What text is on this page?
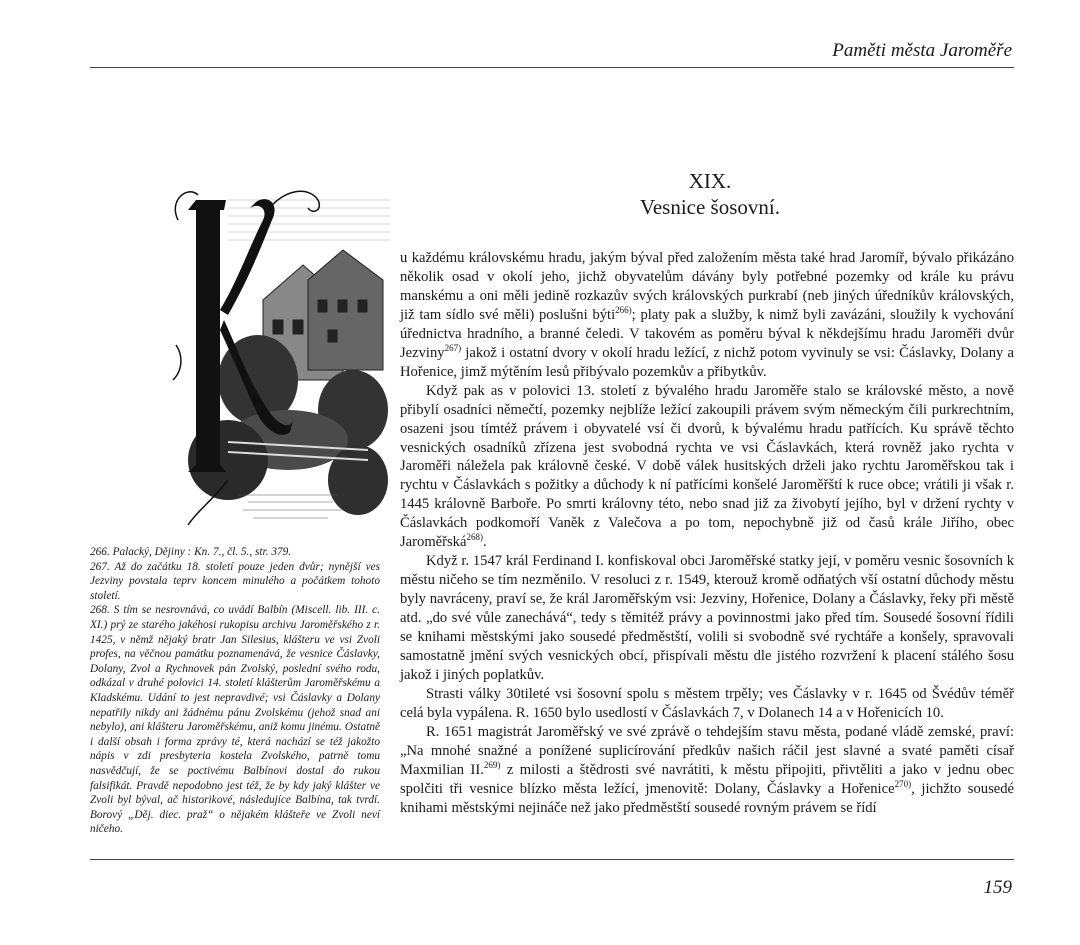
Paměti města Jaroměře

266. Palacký, Dějiny : Kn. 7., čl. 5., str. 379.

267. Až do začátku 18. století pouze jeden dvůr; nynější ves Jezviny povstala teprv koncem minulého a počátkem tohoto století.

268. S tím se nesrovnává, co uvádí Balbín (Miscell. lib. III. c. XI.) prý ze starého jakéhosi rukopisu archivu Jaroměřského z r. 1425, v němž nějaký bratr Jan Silesius, klášteru ve vsi Zvoli profes, na věčnou památku poznamenává, že vesnice Čáslavky, Dolany, Zvol a Rychnovek pán Zvolský, poslední svého rodu, odkázal v druhé polovici 14. století klášterům Jaroměřskému a Kladskému. Udání to jest nepravdivé; vsi Čáslavky a Dolany nepatřily nikdy ani žádnému pánu Zvolskému (jehož snad ani nebylo), ani klášteru Jaroměřskému, aniž komu jinému. Ostatně i další obsah i forma zprávy té, která nachází se též jakožto nápis v zdi presbyteria kostela Zvolského, patrně tomu nasvědčují, že se poctivému Balbínovi dostal do rukou falsifikát. Pravdě nepodobno jest též, že by kdy jaký klášter ve Zvoli byl býval, ač historikové, následujíce Balbína, tak tvrdí. Borový „Děj. diec. praž“ o nějakém klášteře ve Zvoli neví ničeho.

XIX.
Vesnice šosovní.

u každému královskému hradu, jakým býval před založením města také hrad Jaromíř, bývalo přikázáno několik osad v okolí jeho, jichž obyvatelům dávány byly potřebné pozemky od krále ku právu manskému a oni měli jedině rozkazův svých královských purkrabí (neb jiných úředníkův královských, již tam sídlo své měli) poslušni býti$^{266)}$; platy pak a služby, k nimž byli zavázáni, sloužily k vychování úřednictva hradního, a branné čeledi. V takovém as poměru býval k někdejšímu hradu Jaroměři dvůr Jezviny$^{267)}$ jakož i ostatní dvory v okolí hradu ležící, z nichž potom vyvinuly se vsi: Čáslavky, Dolany a Hořenice, jimž mýtěním lesů přibývalo pozemkův a přibytkův.

Když pak as v polovici 13. století z bývalého hradu Jaroměře stalo se královské město, a nově přibylí osadníci němečtí, pozemky nejblíže ležící zakoupili právem svým německým čili purkrechtním, osazeni jsou tímtéž právem i obyvatelé vsí či dvorů, k bývalému hradu patřících. Ku správě těchto vesnických osadníků zřízena jest svobodná rychta ve vsi Čáslavkách, která rovněž jako rychta v Jaroměři náležela pak královně české. V době válek husitských drželi jako rychtu Jaroměřskou tak i rychtu v Čáslavkách s požitky a důchody k ní patřícími konšelé Jaroměřští k ruce obce; vrátili ji však r. 1445 královně Barboře. Po smrti královny této, nebo snad již za živobytí jejího, byl v držení rychty v Čáslavkách podkomoří Vaněk z Valečova a po tom, nepochybně již od časů krále Jiřího, obec Jaroměřská$^{268)}$.

Když r. 1547 král Ferdinand I. konfiskoval obci Jaroměřské statky její, v poměru vesnic šosovních k městu ničeho se tím nezměnilo. V resoluci z r. 1549, kterouž kromě odňatých vší ostatní důchody městu byly navráceny, praví se, že král Jaroměřským vsi: Jezviny, Hořenice, Dolany a Čáslavky, řeky při městě atd. „do své vůle zanechává“, tedy s těmitéž právy a povinnostmi jako před tím. Sousedé šosovní řídili se knihami městskými jako sousedé předměstští, volili si svobodně své rychtáře a konšely, spravovali samostatně jmění svých vesnických obcí, přispívali městu dle jistého rozvržení k placení stálého šosu jakož i jiných poplatkův.

Strasti války 30tileté vsi šosovní spolu s městem trpěly; ves Čáslavky v r. 1645 od Švédův téměř celá byla vypálena. R. 1650 bylo usedlostí v Čáslavkách 7, v Dolanech 14 a v Hořenicích 10.

R. 1651 magistrát Jaroměřský ve své zprávě o tehdejším stavu města, podané vládě zemské, praví: „Na mnohé snažné a ponížené suplicírování předkův našich ráčil jest slavné a svaté paměti císař Maxmilian II.$^{269)}$ z milosti a štědrosti své navrátiti, k městu připojiti, přivtěliti a jako v jednu obec spolčiti tři vesnice blízko města ležící, jmenovitě: Dolany, Čáslavky a Hořenice$^{270)}$, jichžto sousedé knihami městskými nejináče než jako předměstští sousedé rovným právem se řídí

159
